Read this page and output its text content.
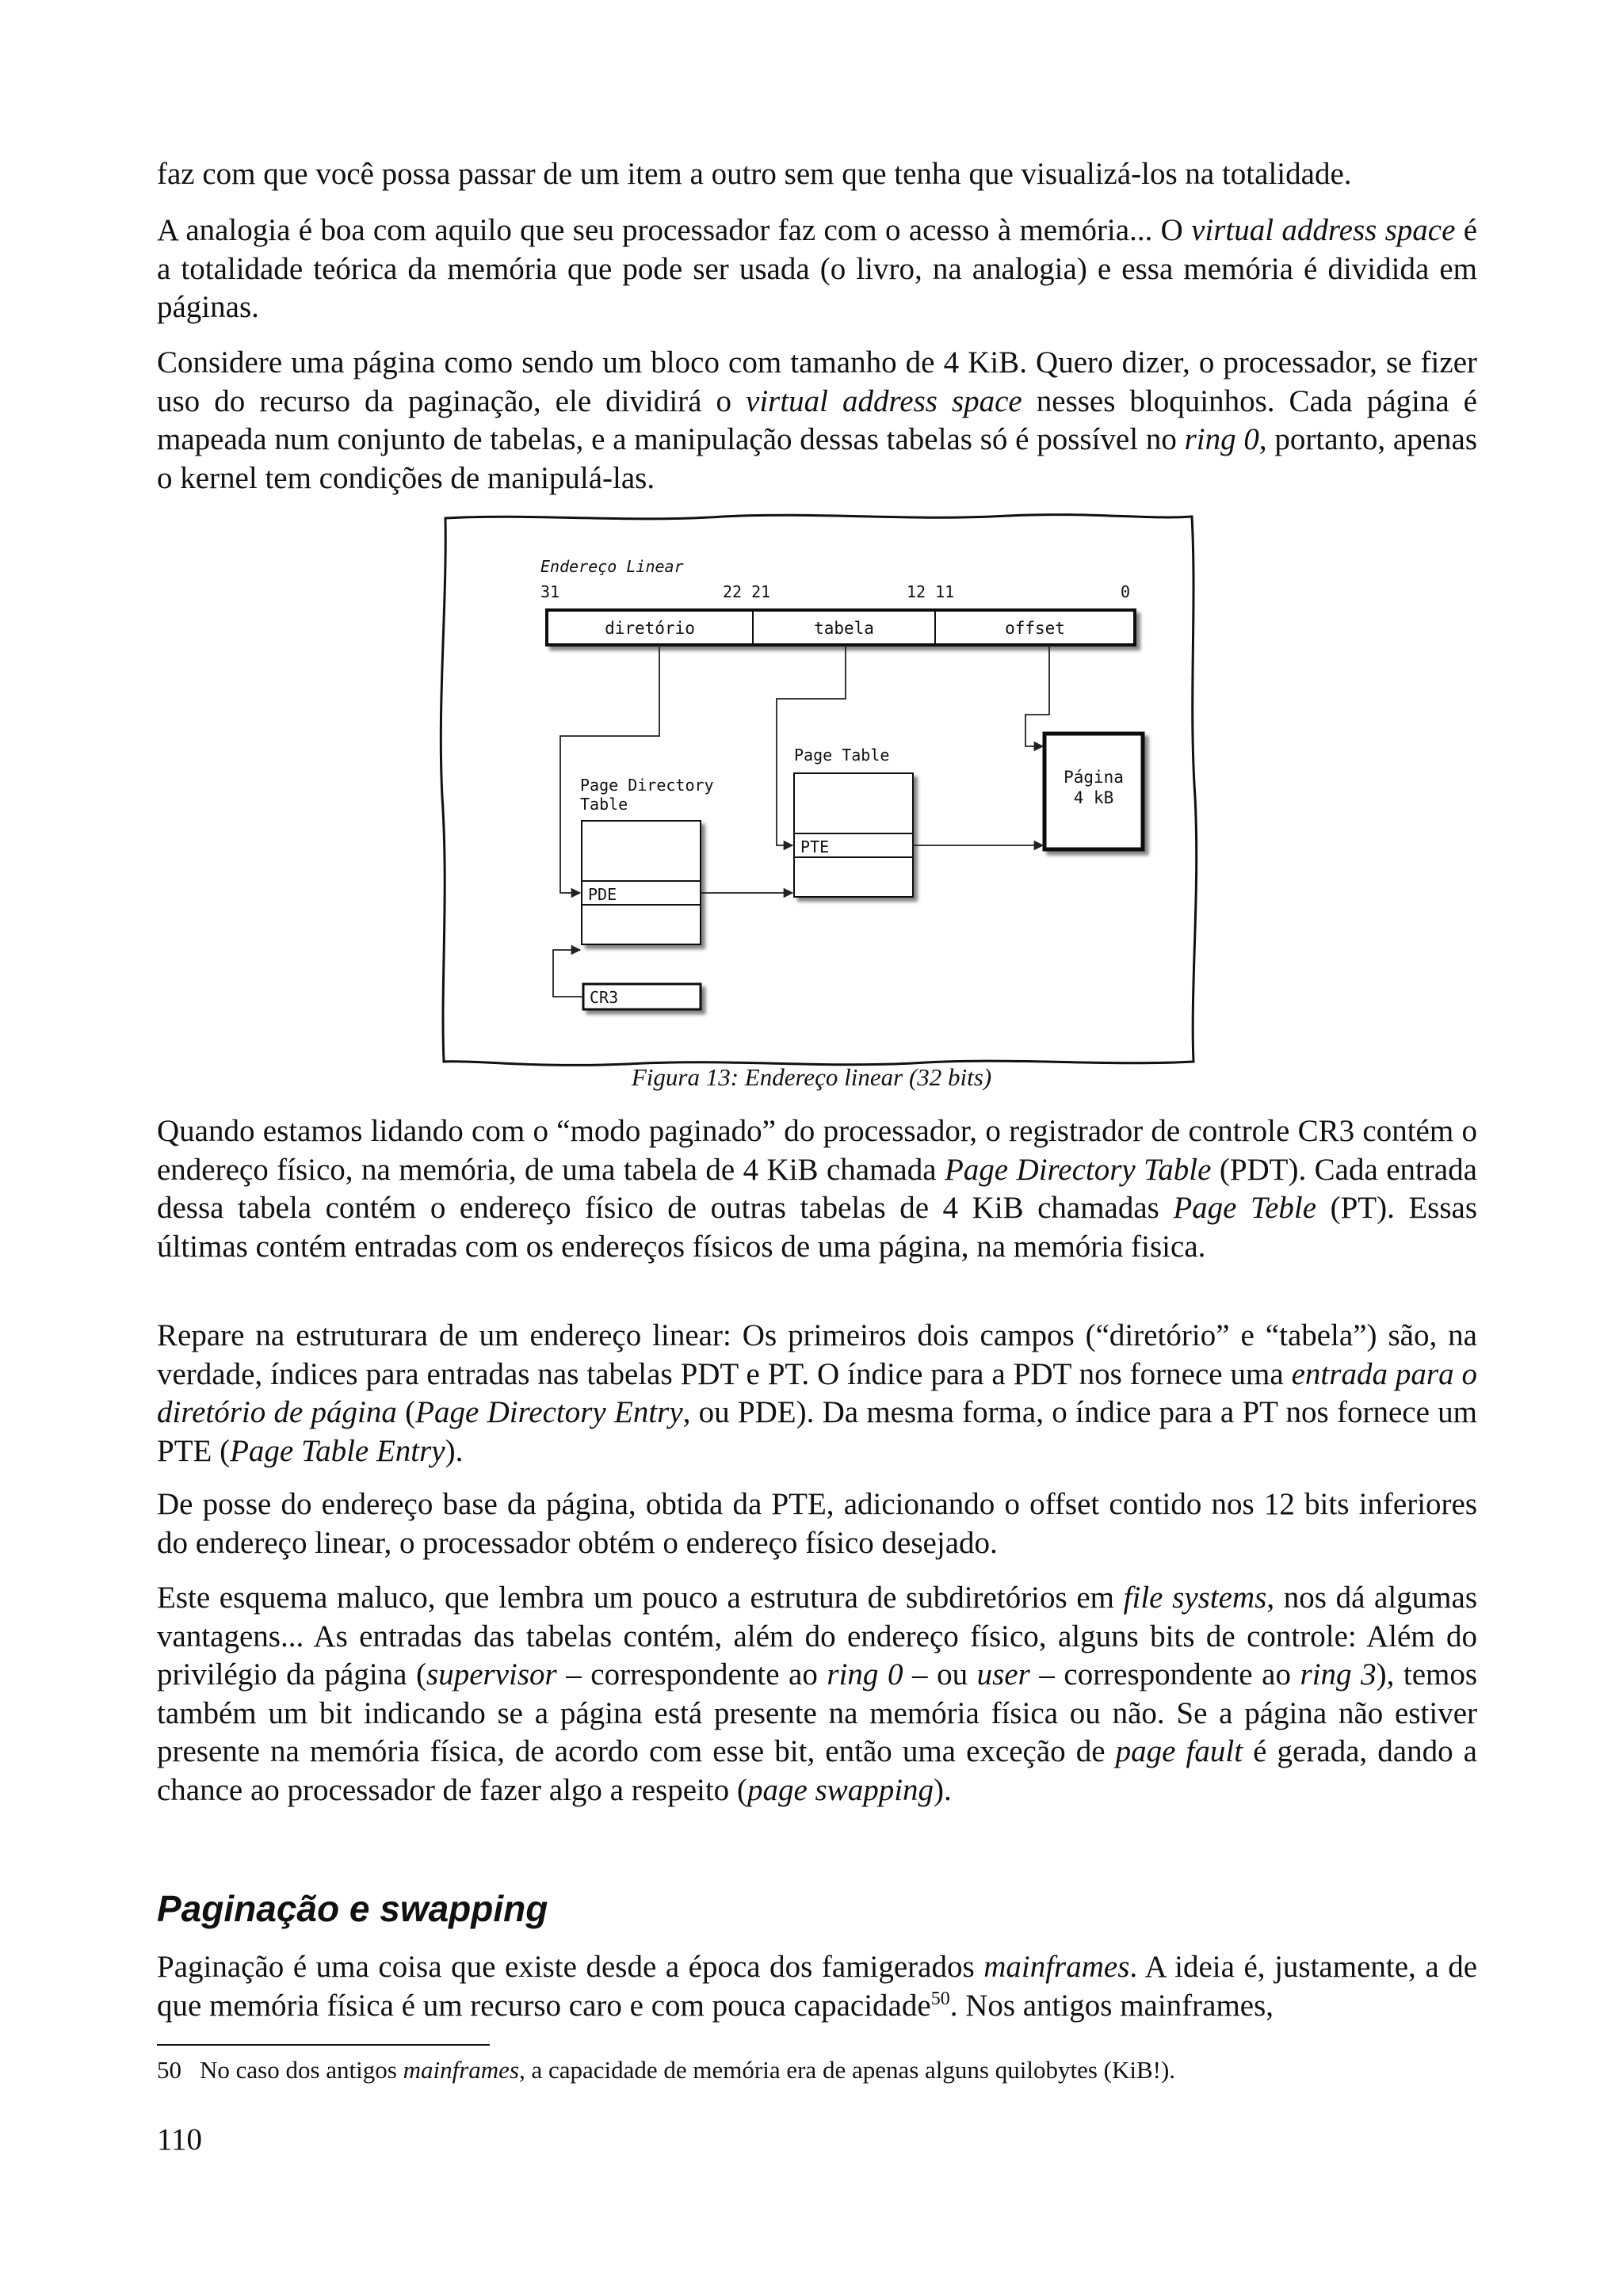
faz com que você possa passar de um item a outro sem que tenha que visualizá-los na totalidade.

A analogia é boa com aquilo que seu processador faz com o acesso à memória... O virtual address space é a totalidade teórica da memória que pode ser usada (o livro, na analogia) e essa memória é dividida em páginas.

Considere uma página como sendo um bloco com tamanho de 4 KiB. Quero dizer, o processador, se fizer uso do recurso da paginação, ele dividirá o virtual address space nesses bloquinhos. Cada página é mapeada num conjunto de tabelas, e a manipulação dessas tabelas só é possível no ring 0, portanto, apenas o kernel tem condições de manipulá-las.

Endereço Linear
31	22 21	12 11	0
diretório	tabela	offset
Page Table
PTE
Page Directory
Table
PDE
CR3
Página
4 kB
Figura 13: Endereço linear (32 bits)

Quando estamos lidando com o “modo paginado” do processador, o registrador de controle CR3 contém o endereço físico, na memória, de uma tabela de 4 KiB chamada Page Directory Table (PDT). Cada entrada dessa tabela contém o endereço físico de outras tabelas de 4 KiB chamadas Page Teble (PT). Essas últimas contém entradas com os endereços físicos de uma página, na memória fisica.

Repare na estruturara de um endereço linear: Os primeiros dois campos (“diretório” e “tabela”) são, na verdade, índices para entradas nas tabelas PDT e PT. O índice para a PDT nos fornece uma entrada para o diretório de página (Page Directory Entry, ou PDE). Da mesma forma, o índice para a PT nos fornece um PTE (Page Table Entry).

De posse do endereço base da página, obtida da PTE, adicionando o offset contido nos 12 bits inferiores do endereço linear, o processador obtém o endereço físico desejado.

Este esquema maluco, que lembra um pouco a estrutura de subdiretórios em file systems, nos dá algumas vantagens... As entradas das tabelas contém, além do endereço físico, alguns bits de controle: Além do privilégio da página (supervisor – correspondente ao ring 0 – ou user – correspondente ao ring 3), temos também um bit indicando se a página está presente na memória física ou não. Se a página não estiver presente na memória física, de acordo com esse bit, então uma exceção de page fault é gerada, dando a chance ao processador de fazer algo a respeito (page swapping).

Paginação e swapping

Paginação é uma coisa que existe desde a época dos famigerados mainframes. A ideia é, justamente, a de que memória física é um recurso caro e com pouca capacidade$^{50}$. Nos antigos mainframes,

50 No caso dos antigos mainframes, a capacidade de memória era de apenas alguns quilobytes (KiB!).
110
